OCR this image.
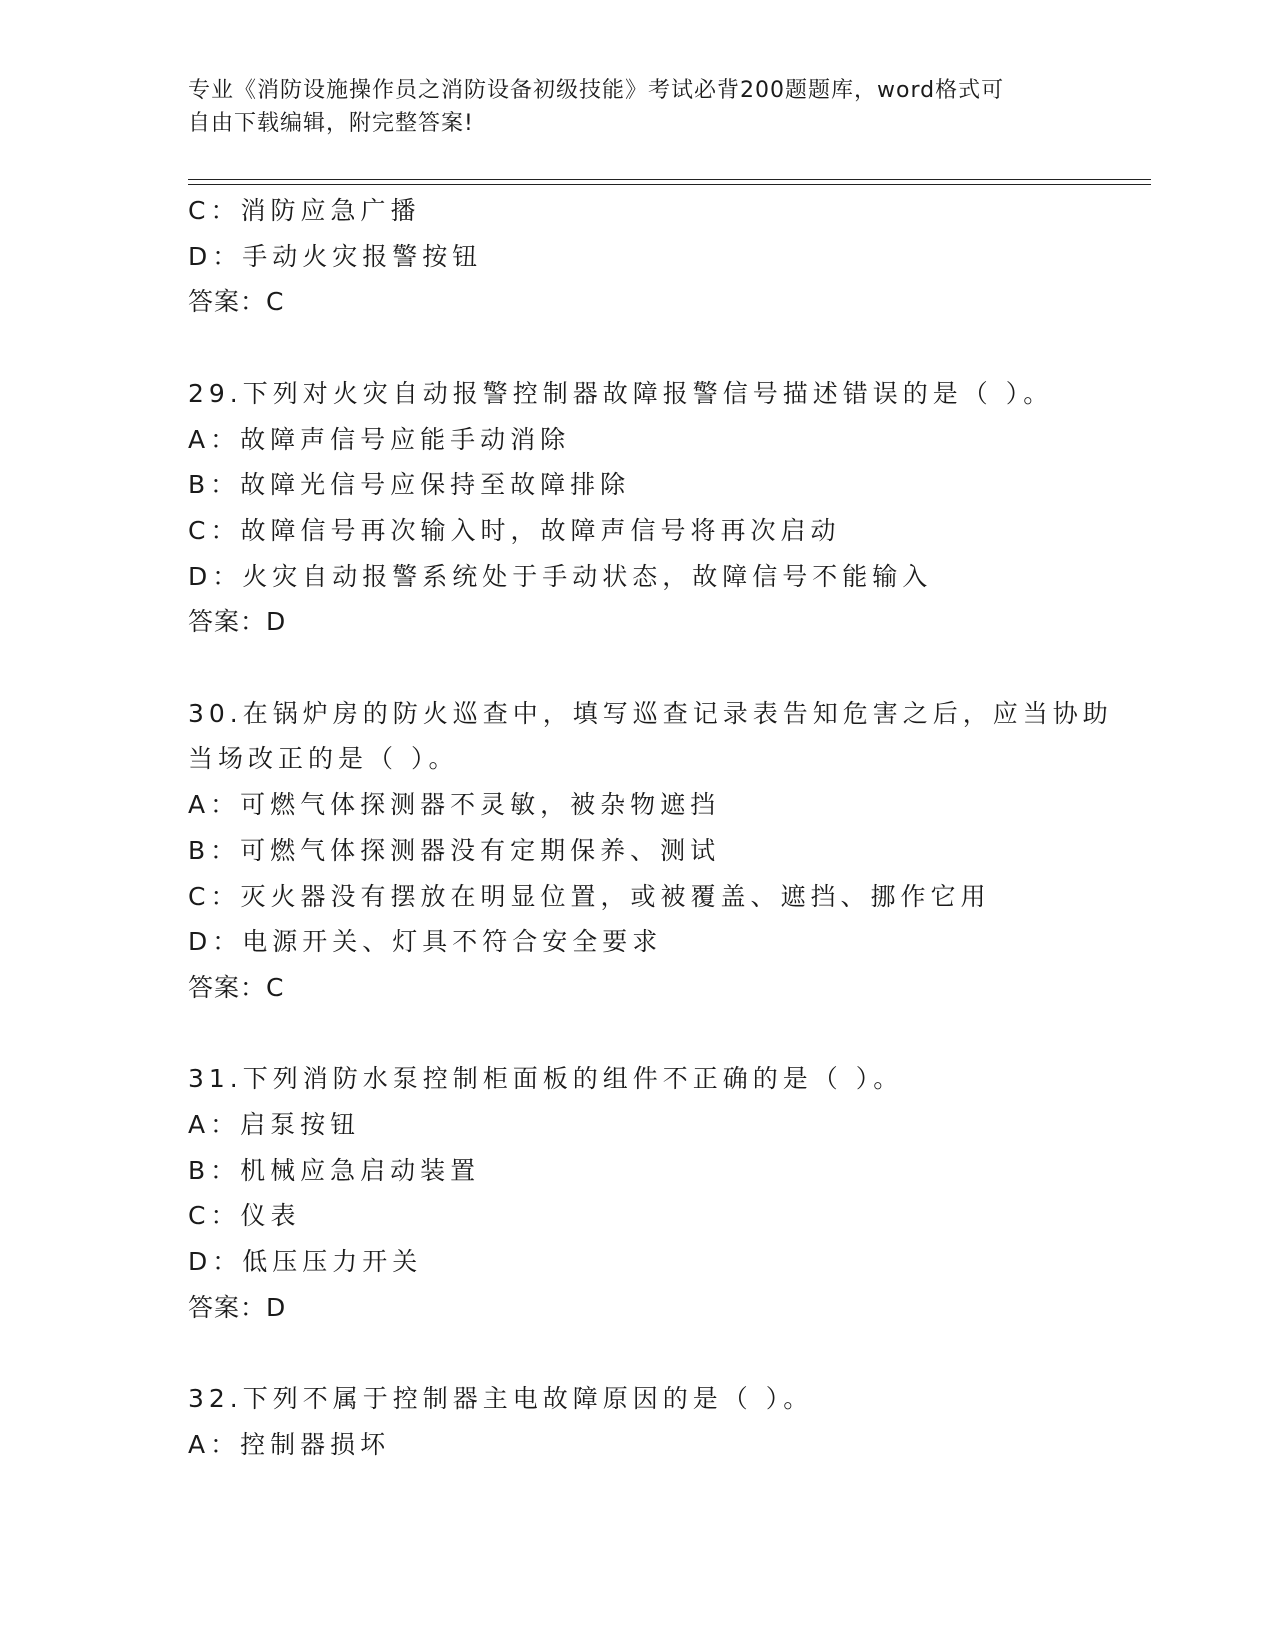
专业《消防设施操作员之消防设备初级技能》考试必背200题题库，word格式可
自由下载编辑，附完整答案!
C：消防应急广播
D：手动火灾报警按钮
答案：C
29.下列对火灾自动报警控制器故障报警信号描述错误的是（ ）。
A：故障声信号应能手动消除
B：故障光信号应保持至故障排除
C：故障信号再次输入时，故障声信号将再次启动
D：火灾自动报警系统处于手动状态，故障信号不能输入
答案：D
30.在锅炉房的防火巡查中，填写巡查记录表告知危害之后，应当协助
当场改正的是（ ）。
A：可燃气体探测器不灵敏，被杂物遮挡
B：可燃气体探测器没有定期保养、测试
C：灭火器没有摆放在明显位置，或被覆盖、遮挡、挪作它用
D：电源开关、灯具不符合安全要求
答案：C
31.下列消防水泵控制柜面板的组件不正确的是（ ）。
A：启泵按钮
B：机械应急启动装置
C：仪表
D：低压压力开关
答案：D
32.下列不属于控制器主电故障原因的是（ ）。
A：控制器损坏
